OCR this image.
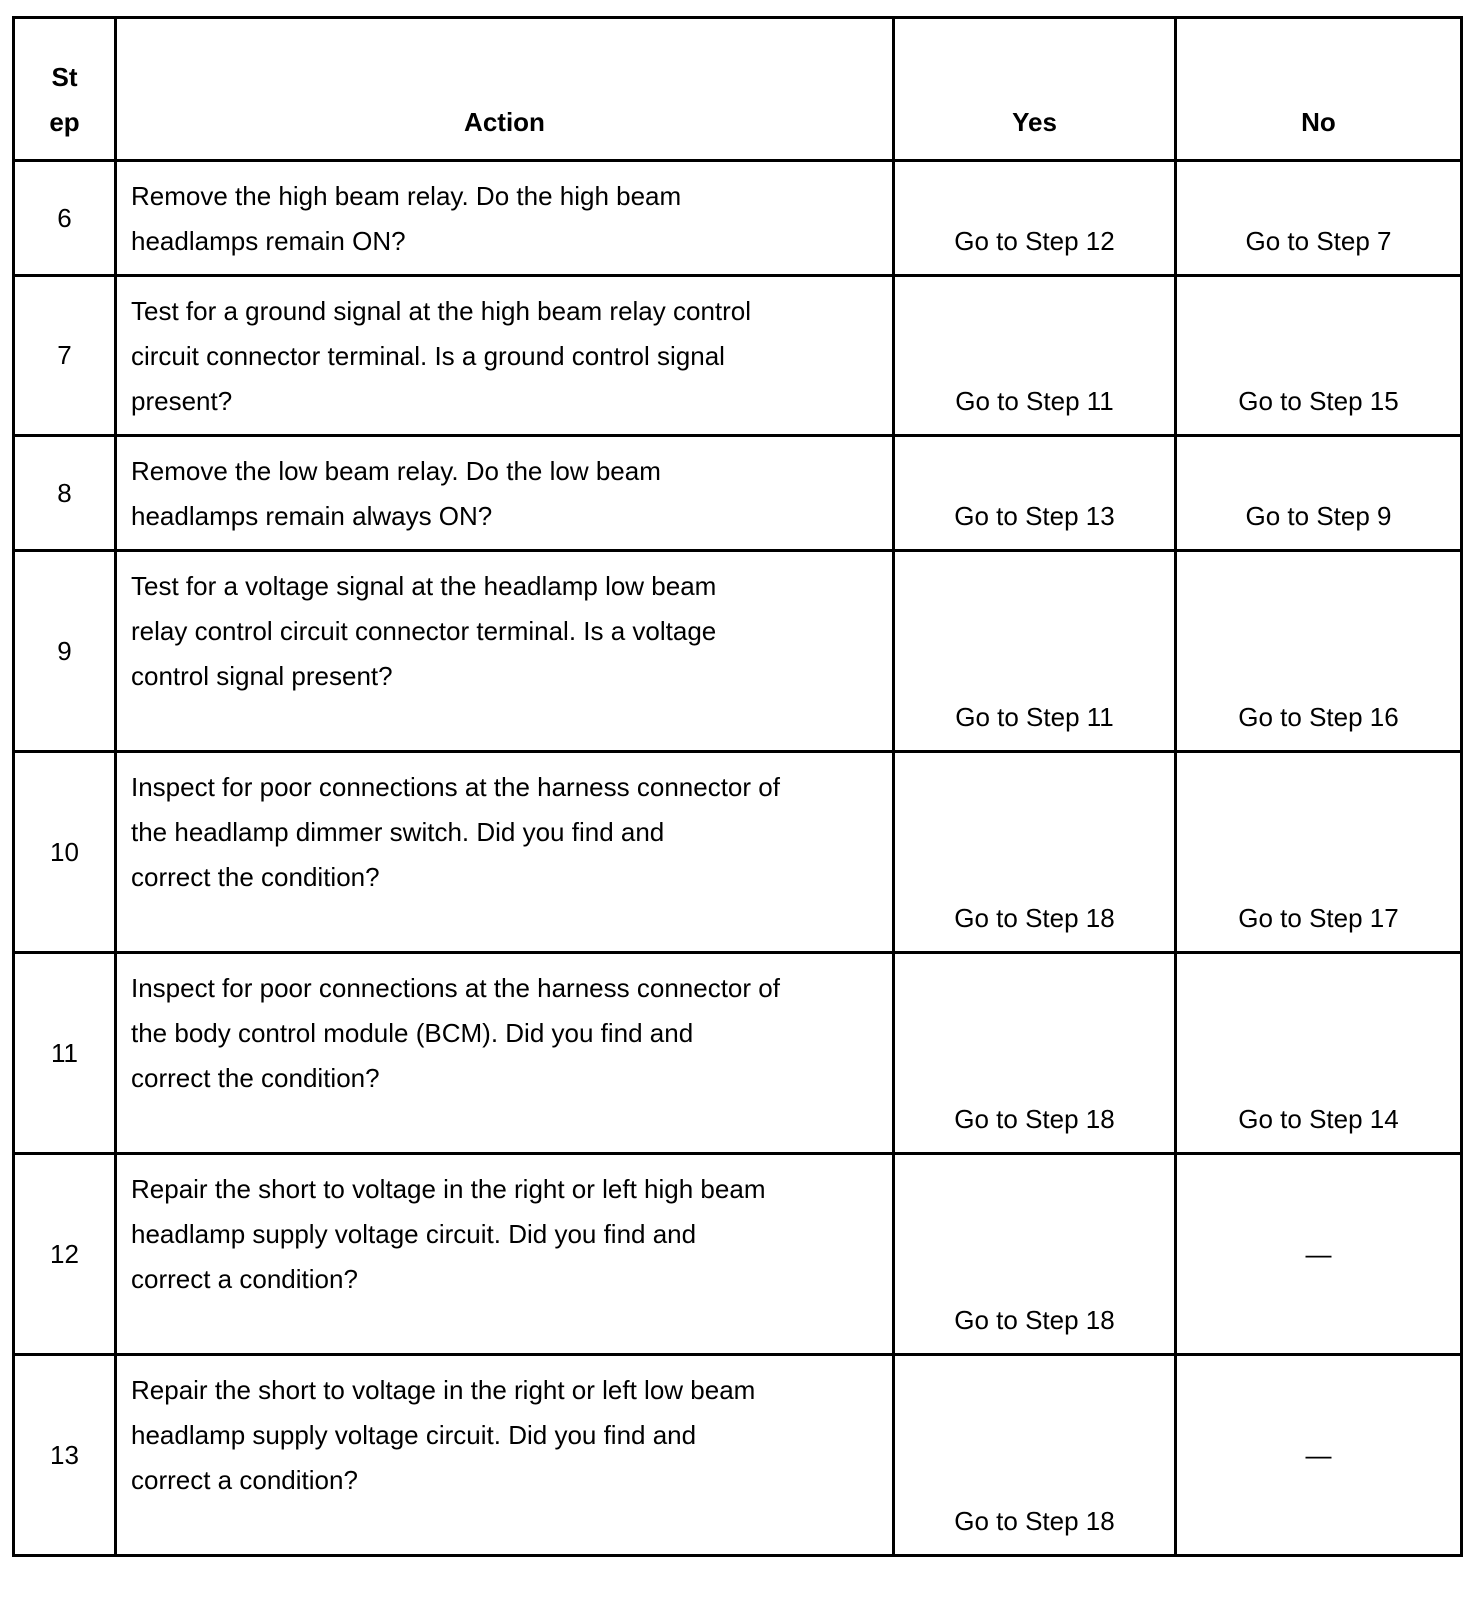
St
ep	Action	Yes	No
6	Remove the high beam relay. Do the high beam
headlamps remain ON?	Go to Step 12	Go to Step 7
7	Test for a ground signal at the high beam relay control
circuit connector terminal. Is a ground control signal
present?	Go to Step 11	Go to Step 15
8	Remove the low beam relay. Do the low beam
headlamps remain always ON?	Go to Step 13	Go to Step 9
9	Test for a voltage signal at the headlamp low beam
relay control circuit connector terminal. Is a voltage
control signal present?	Go to Step 11	Go to Step 16
10	Inspect for poor connections at the harness connector of
the headlamp dimmer switch. Did you find and
correct the condition?	Go to Step 18	Go to Step 17
11	Inspect for poor connections at the harness connector of
the body control module (BCM). Did you find and
correct the condition?	Go to Step 18	Go to Step 14
12	Repair the short to voltage in the right or left high beam
headlamp supply voltage circuit. Did you find and
correct a condition?	Go to Step 18	—
13	Repair the short to voltage in the right or left low beam
headlamp supply voltage circuit. Did you find and
correct a condition?	Go to Step 18	—
